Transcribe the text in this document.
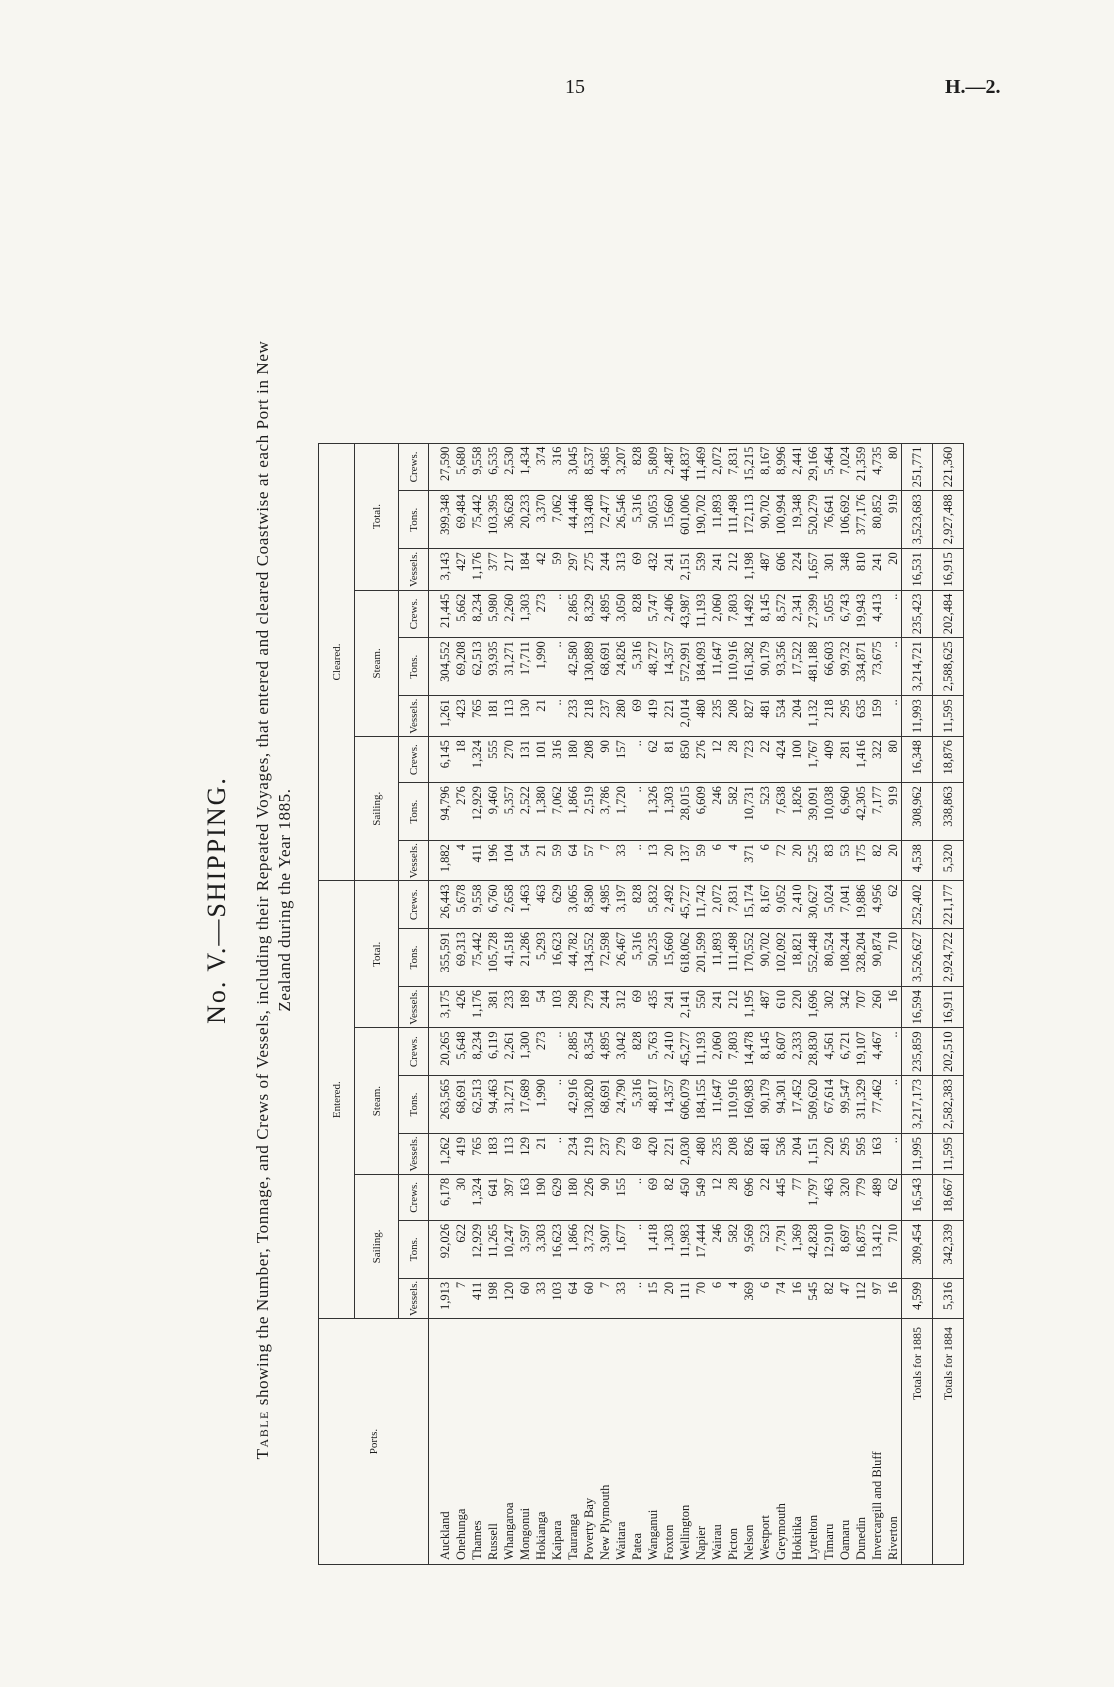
15	H.—2.
No. V.—SHIPPING.
Table showing the Number, Tonnage, and Crews of Vessels, including their Repeated Voyages, that entered and cleared Coastwise at each Port in New Zealand during the Year 1885.
Ports.	Entered.									Cleared.								
	Sailing.			Steam.			Total.			Sailing.			Steam.			Total.		
	Vessels.	Tons.	Crews.	Vessels.	Tons.	Crews.	Vessels.	Tons.	Crews.	Vessels.	Tons.	Crews.	Vessels.	Tons.	Crews.	Vessels.	Tons.	Crews.
Auckland	1,913	92,026	6,178	1,262	263,565	20,265	3,175	355,591	26,443	1,882	94,796	6,145	1,261	304,552	21,445	3,143	399,348	27,590
Onehunga	7	622	30	419	68,691	5,648	426	69,313	5,678	4	276	18	423	69,208	5,662	427	69,484	5,680
Thames	411	12,929	1,324	765	62,513	8,234	1,176	75,442	9,558	411	12,929	1,324	765	62,513	8,234	1,176	75,442	9,558
Russell	198	11,265	641	183	94,463	6,119	381	105,728	6,760	196	9,460	555	181	93,935	5,980	377	103,395	6,535
Whangaroa	120	10,247	397	113	31,271	2,261	233	41,518	2,658	104	5,357	270	113	31,271	2,260	217	36,628	2,530
Mongonui	60	3,597	163	129	17,689	1,300	189	21,286	1,463	54	2,522	131	130	17,711	1,303	184	20,233	1,434
Hokianga	33	3,303	190	21	1,990	273	54	5,293	463	21	1,380	101	21	1,990	273	42	3,370	374
Kaipara	103	16,623	629	..	..	..	103	16,623	629	59	7,062	316	..	..	..	59	7,062	316
Tauranga	64	1,866	180	234	42,916	2,885	298	44,782	3,065	64	1,866	180	233	42,580	2,865	297	44,446	3,045
Poverty Bay	60	3,732	226	219	130,820	8,354	279	134,552	8,580	57	2,519	208	218	130,889	8,329	275	133,408	8,537
New Plymouth	7	3,907	90	237	68,691	4,895	244	72,598	4,985	7	3,786	90	237	68,691	4,895	244	72,477	4,985
Waitara	33	1,677	155	279	24,790	3,042	312	26,467	3,197	33	1,720	157	280	24,826	3,050	313	26,546	3,207
Patea	..	..	..	69	5,316	828	69	5,316	828	..	..	..	69	5,316	828	69	5,316	828
Wanganui	15	1,418	69	420	48,817	5,763	435	50,235	5,832	13	1,326	62	419	48,727	5,747	432	50,053	5,809
Foxton	20	1,303	82	221	14,357	2,410	241	15,660	2,492	20	1,303	81	221	14,357	2,406	241	15,660	2,487
Wellington	111	11,983	450	2,030	606,079	45,277	2,141	618,062	45,727	137	28,015	850	2,014	572,991	43,987	2,151	601,006	44,837
Napier	70	17,444	549	480	184,155	11,193	550	201,599	11,742	59	6,609	276	480	184,093	11,193	539	190,702	11,469
Wairau	6	246	12	235	11,647	2,060	241	11,893	2,072	6	246	12	235	11,647	2,060	241	11,893	2,072
Picton	4	582	28	208	110,916	7,803	212	111,498	7,831	4	582	28	208	110,916	7,803	212	111,498	7,831
Nelson	369	9,569	696	826	160,983	14,478	1,195	170,552	15,174	371	10,731	723	827	161,382	14,492	1,198	172,113	15,215
Westport	6	523	22	481	90,179	8,145	487	90,702	8,167	6	523	22	481	90,179	8,145	487	90,702	8,167
Greymouth	74	7,791	445	536	94,301	8,607	610	102,092	9,052	72	7,638	424	534	93,356	8,572	606	100,994	8,996
Hokitika	16	1,369	77	204	17,452	2,333	220	18,821	2,410	20	1,826	100	204	17,522	2,341	224	19,348	2,441
Lyttelton	545	42,828	1,797	1,151	509,620	28,830	1,696	552,448	30,627	525	39,091	1,767	1,132	481,188	27,399	1,657	520,279	29,166
Timaru	82	12,910	463	220	67,614	4,561	302	80,524	5,024	83	10,038	409	218	66,603	5,055	301	76,641	5,464
Oamaru	47	8,697	320	295	99,547	6,721	342	108,244	7,041	53	6,960	281	295	99,732	6,743	348	106,692	7,024
Dunedin	112	16,875	779	595	311,329	19,107	707	328,204	19,886	175	42,305	1,416	635	334,871	19,943	810	377,176	21,359
Invercargill and Bluff	97	13,412	489	163	77,462	4,467	260	90,874	4,956	82	7,177	322	159	73,675	4,413	241	80,852	4,735
Riverton	16	710	62	..	..	..	16	710	62	20	919	80	..	..	..	20	919	80
Totals for 1885	4,599	309,454	16,543	11,995	3,217,173	235,859	16,594	3,526,627	252,402	4,538	308,962	16,348	11,993	3,214,721	235,423	16,531	3,523,683	251,771
Totals for 1884	5,316	342,339	18,667	11,595	2,582,383	202,510	16,911	2,924,722	221,177	5,320	338,863	18,876	11,595	2,588,625	202,484	16,915	2,927,488	221,360
